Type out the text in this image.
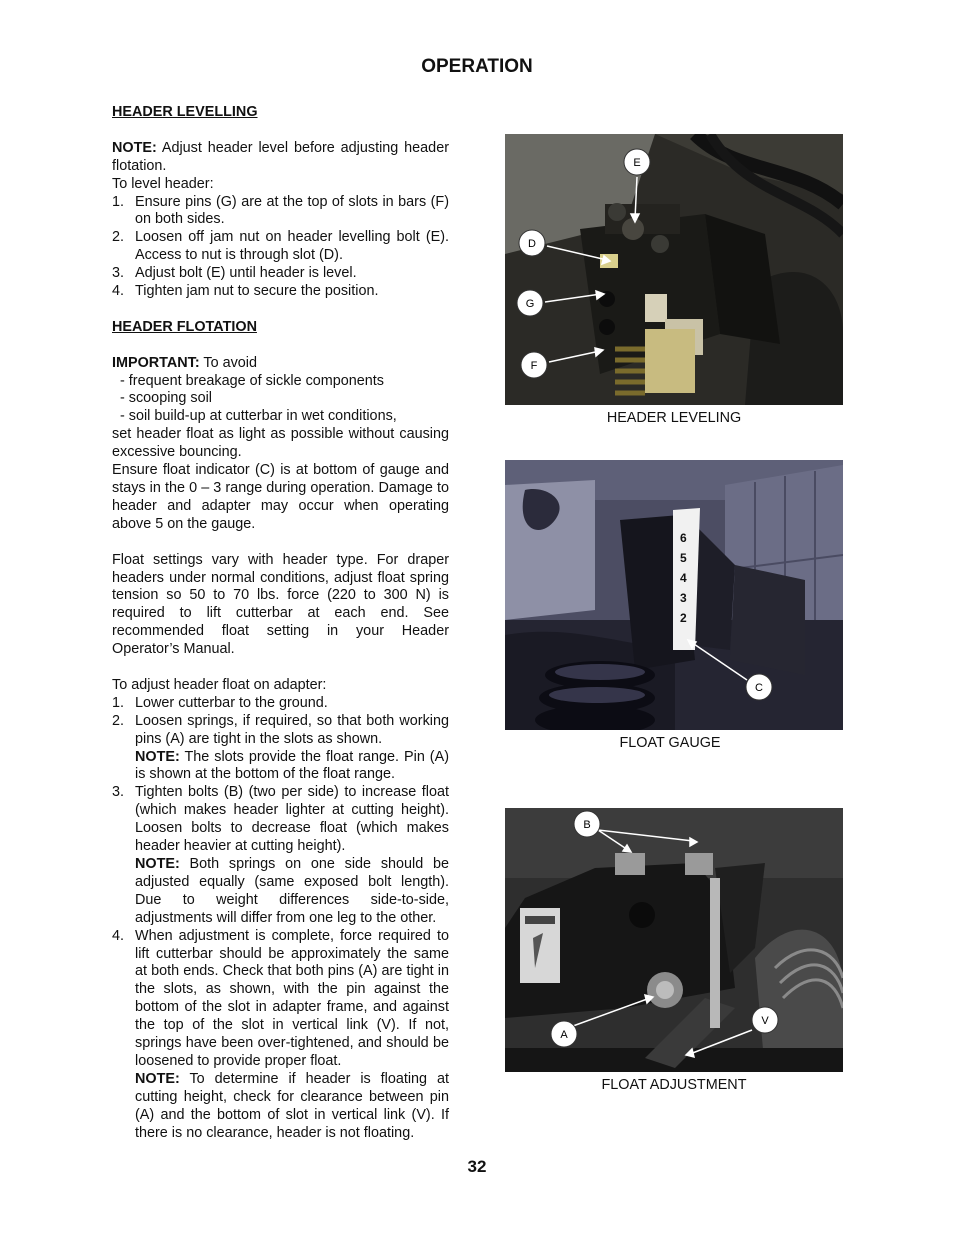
OPERATION

HEADER LEVELLING

NOTE: Adjust header level before adjusting header flotation.

To level header:

1. Ensure pins (G) are at the top of slots in bars (F) on both sides.
2. Loosen off jam nut on header levelling bolt (E). Access to nut is through slot (D).
3. Adjust bolt (E) until header is level.
4. Tighten jam nut to secure the position.

HEADER FLOTATION

IMPORTANT: To avoid

- frequent breakage of sickle components

- scooping soil

- soil build-up at cutterbar in wet conditions,

set header float as light as possible without causing excessive bouncing.

Ensure float indicator (C) is at bottom of gauge and stays in the 0 – 3 range during operation. Damage to header and adapter may occur when operating above 5 on the gauge.

Float settings vary with header type. For draper headers under normal conditions, adjust float spring tension so 50 to 70 lbs. force (220 to 300 N) is required to lift cutterbar at each end. See recommended float setting in your Header Operator’s Manual.

To adjust header float on adapter:

1. Lower cutterbar to the ground.
2. Loosen springs, if required, so that both working pins (A) are tight in the slots as shown.
NOTE: The slots provide the float range. Pin (A) is shown at the bottom of the float range.
3. Tighten bolts (B) (two per side) to increase float (which makes header lighter at cutting height). Loosen bolts to decrease float (which makes header heavier at cutting height).
NOTE: Both springs on one side should be adjusted equally (same exposed bolt length). Due to weight differences side-to-side, adjustments will differ from one leg to the other.
4. When adjustment is complete, force required to lift cutterbar should be approximately the same at both ends. Check that both pins (A) are tight in the slots, as shown, with the pin against the bottom of the slot in adapter frame, and against the top of the slot in vertical link (V). If not, springs have been over-tightened, and should be loosened to provide proper float.
NOTE: To determine if header is floating at cutting height, check for clearance between pin (A) and the bottom of slot in vertical link (V). If there is no clearance, header is not floating.
E
D
G
F
HEADER LEVELING
6
5
4
3
2
C
FLOAT GAUGE
B
A
V
FLOAT ADJUSTMENT
32
